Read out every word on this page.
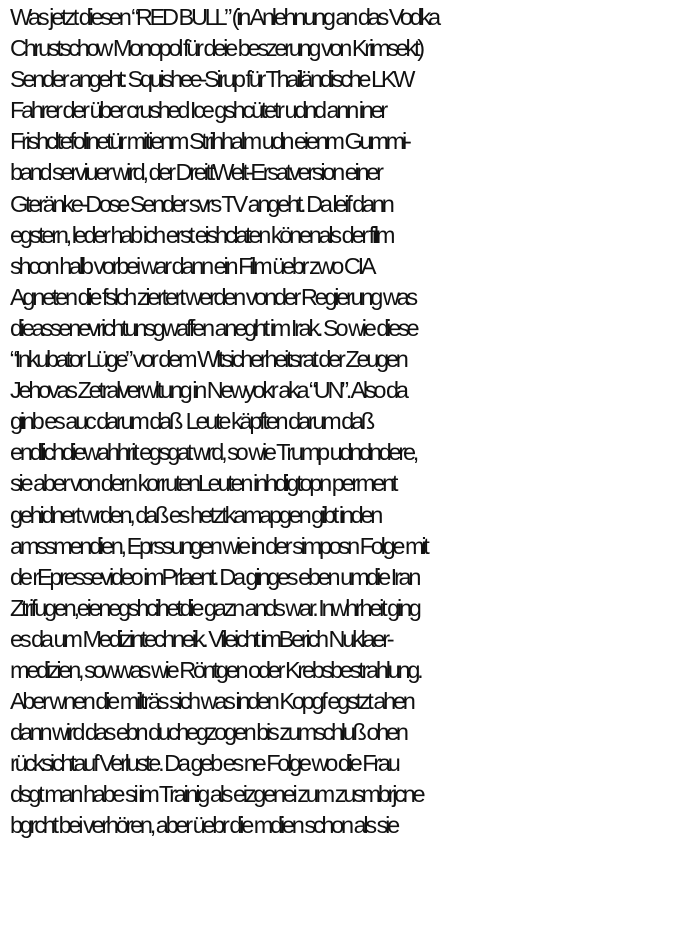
Was jetzt diesen “RED BULL” (in Anlehnung an das Vodka
Chrustschow Monopol für deie beszerung von Krimsekt)
Sender angeht: Squishee-Sirup für Thailändische LKW
Fahrer der über crushed Ice gshcütetr udnd ann iner
Frishcltefolinetür mitienm Strihhalm udn eienm Gummi-
band serviuer wird, der DreittWelt-Ersatversion einer
Gteränke-Dose Sender svrs TV angeht. Da leif dann
egstern, leder hab ich erst eishclaten könenals der film
shcon halb vorbei war dann ein Film üebr zwo CIA
Agneten die fslch ziertert werden vonder Regierung was
dieassenevrichtunsgwaffen aneght im Irak. So wie diese
“Inkubator Lüge” vor dem Wltsicherheitsrat der Zeugen
Jehovas Zetralverwltung in Newyokr aka “UN”. Also da
ginb es auc darum daß  Leute käpften darum daß
endlichdiewahhrit egsgat wrd, so wie Trump udndndere,
sie aber von dern korrutenLeuten inhdigtopn perment
gehidnert wrden, daß es hetztkamapgen gibt inden
amssmendien, Eprssungen wie in der simposn Folge mit
de rEpressevideo imPrlaent. Da ginges eben umdie Iran
Ztrifugen,eienegshcihetdie gazn ands war. Inwhrheit ging
es da um Medizintechneik. Vileicht imBerich Nuklaer-
medizien, sowwas wie Röntgen oder Krebsbestrahlung.
Aber wnen die milträs sich was inden Kopgf egstzt ahen
dann wird das ebn duchegzogen bis zumschluß ohen
rücksichtauf Verluste. Da geb es ne Folge wo die Frau
dsgt man habe si im Trainig als eizgenei zum zusmbrjcne
bgrcht bei verhören, aber üebr die mdien schon als sie
